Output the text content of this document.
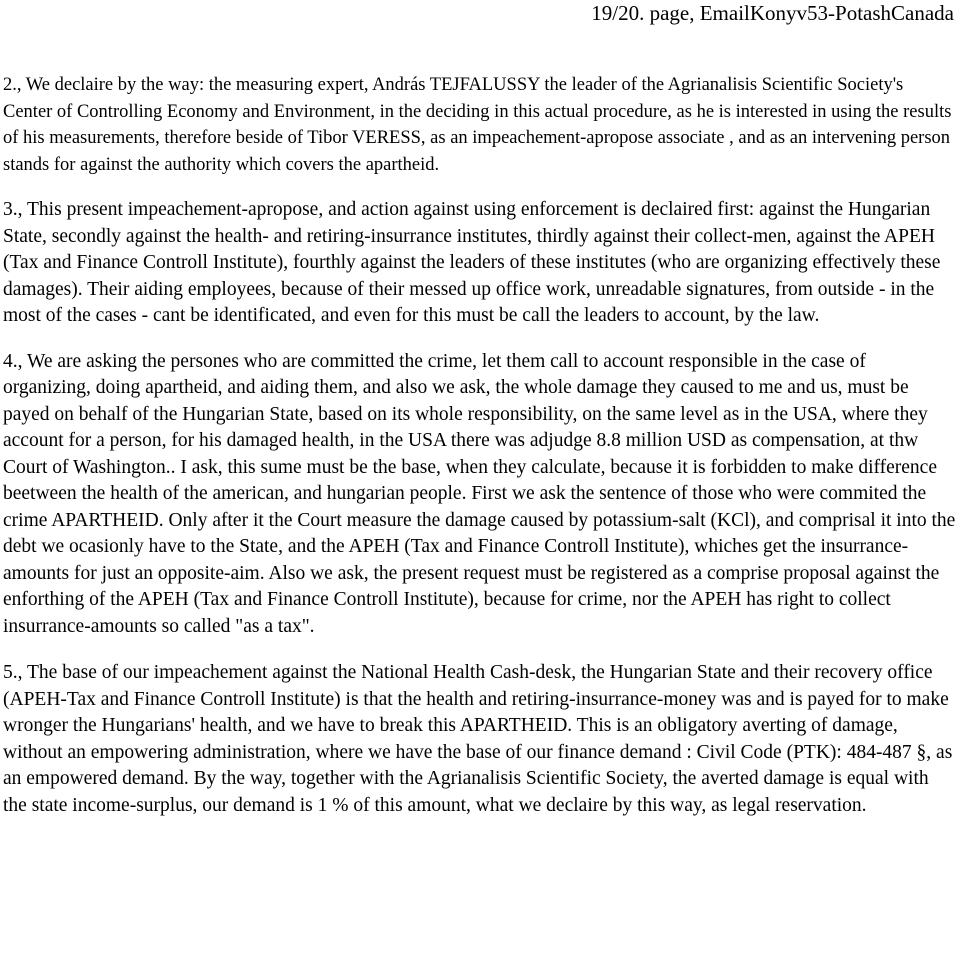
19/20. page, EmailKonyv53-PotashCanada

2., We declaire by the way: the measuring expert, András TEJFALUSSY the leader of the Agrianalisis Scientific Society's Center of Controlling Economy and Environment, in the deciding in this actual procedure, as he is interested in using the results of his measurements, therefore beside of Tibor VERESS, as an impeachement-apropose associate , and as an intervening person stands for against the authority which covers the apartheid.

3., This present impeachement-apropose, and action against using enforcement is declaired first: against the Hungarian State, secondly against the health- and retiring-insurrance institutes, thirdly against their collect-men, against the APEH (Tax and Finance Controll Institute), fourthly against the leaders of these institutes (who are organizing effectively these damages). Their aiding employees, because of their messed up office work, unreadable signatures, from outside - in the most of the cases - cant be identificated, and even for this must be call the leaders to account, by the law.

4., We are asking the persones who are committed the crime, let them call to account responsible in the case of organizing, doing apartheid, and aiding them, and also we ask, the whole damage they caused to me and us, must be payed on behalf of the Hungarian State, based on its whole responsibility, on the same level as in the USA, where they account for a person, for his damaged health, in the USA there was adjudge 8.8 million USD as compensation, at thw Court of Washington.. I ask, this sume must be the base, when they calculate, because it is forbidden to make difference beetween the health of the american, and hungarian people. First we ask the sentence of those who were commited the crime APARTHEID. Only after it the Court measure the damage caused by potassium-salt (KCl), and comprisal it into the debt we ocasionly have to the State, and the APEH (Tax and Finance Controll Institute), whiches get the insurrance-amounts for just an opposite-aim. Also we ask, the present request must be registered as a comprise proposal against the enforthing of the APEH (Tax and Finance Controll Institute), because for crime, nor the APEH has right to collect insurrance-amounts so called "as a tax".

5., The base of our impeachement against the National Health Cash-desk, the Hungarian State and their recovery office (APEH-Tax and Finance Controll Institute) is that the health and retiring-insurrance-money was and is payed for to make wronger the Hungarians' health, and we have to break this APARTHEID. This is an obligatory averting of damage, without an empowering administration, where we have the base of our finance demand : Civil Code (PTK): 484-487 §, as an empowered demand. By the way, together with the Agrianalisis Scientific Society, the averted damage is equal with the state income-surplus, our demand is 1 % of this amount, what we declaire by this way, as legal reservation.
